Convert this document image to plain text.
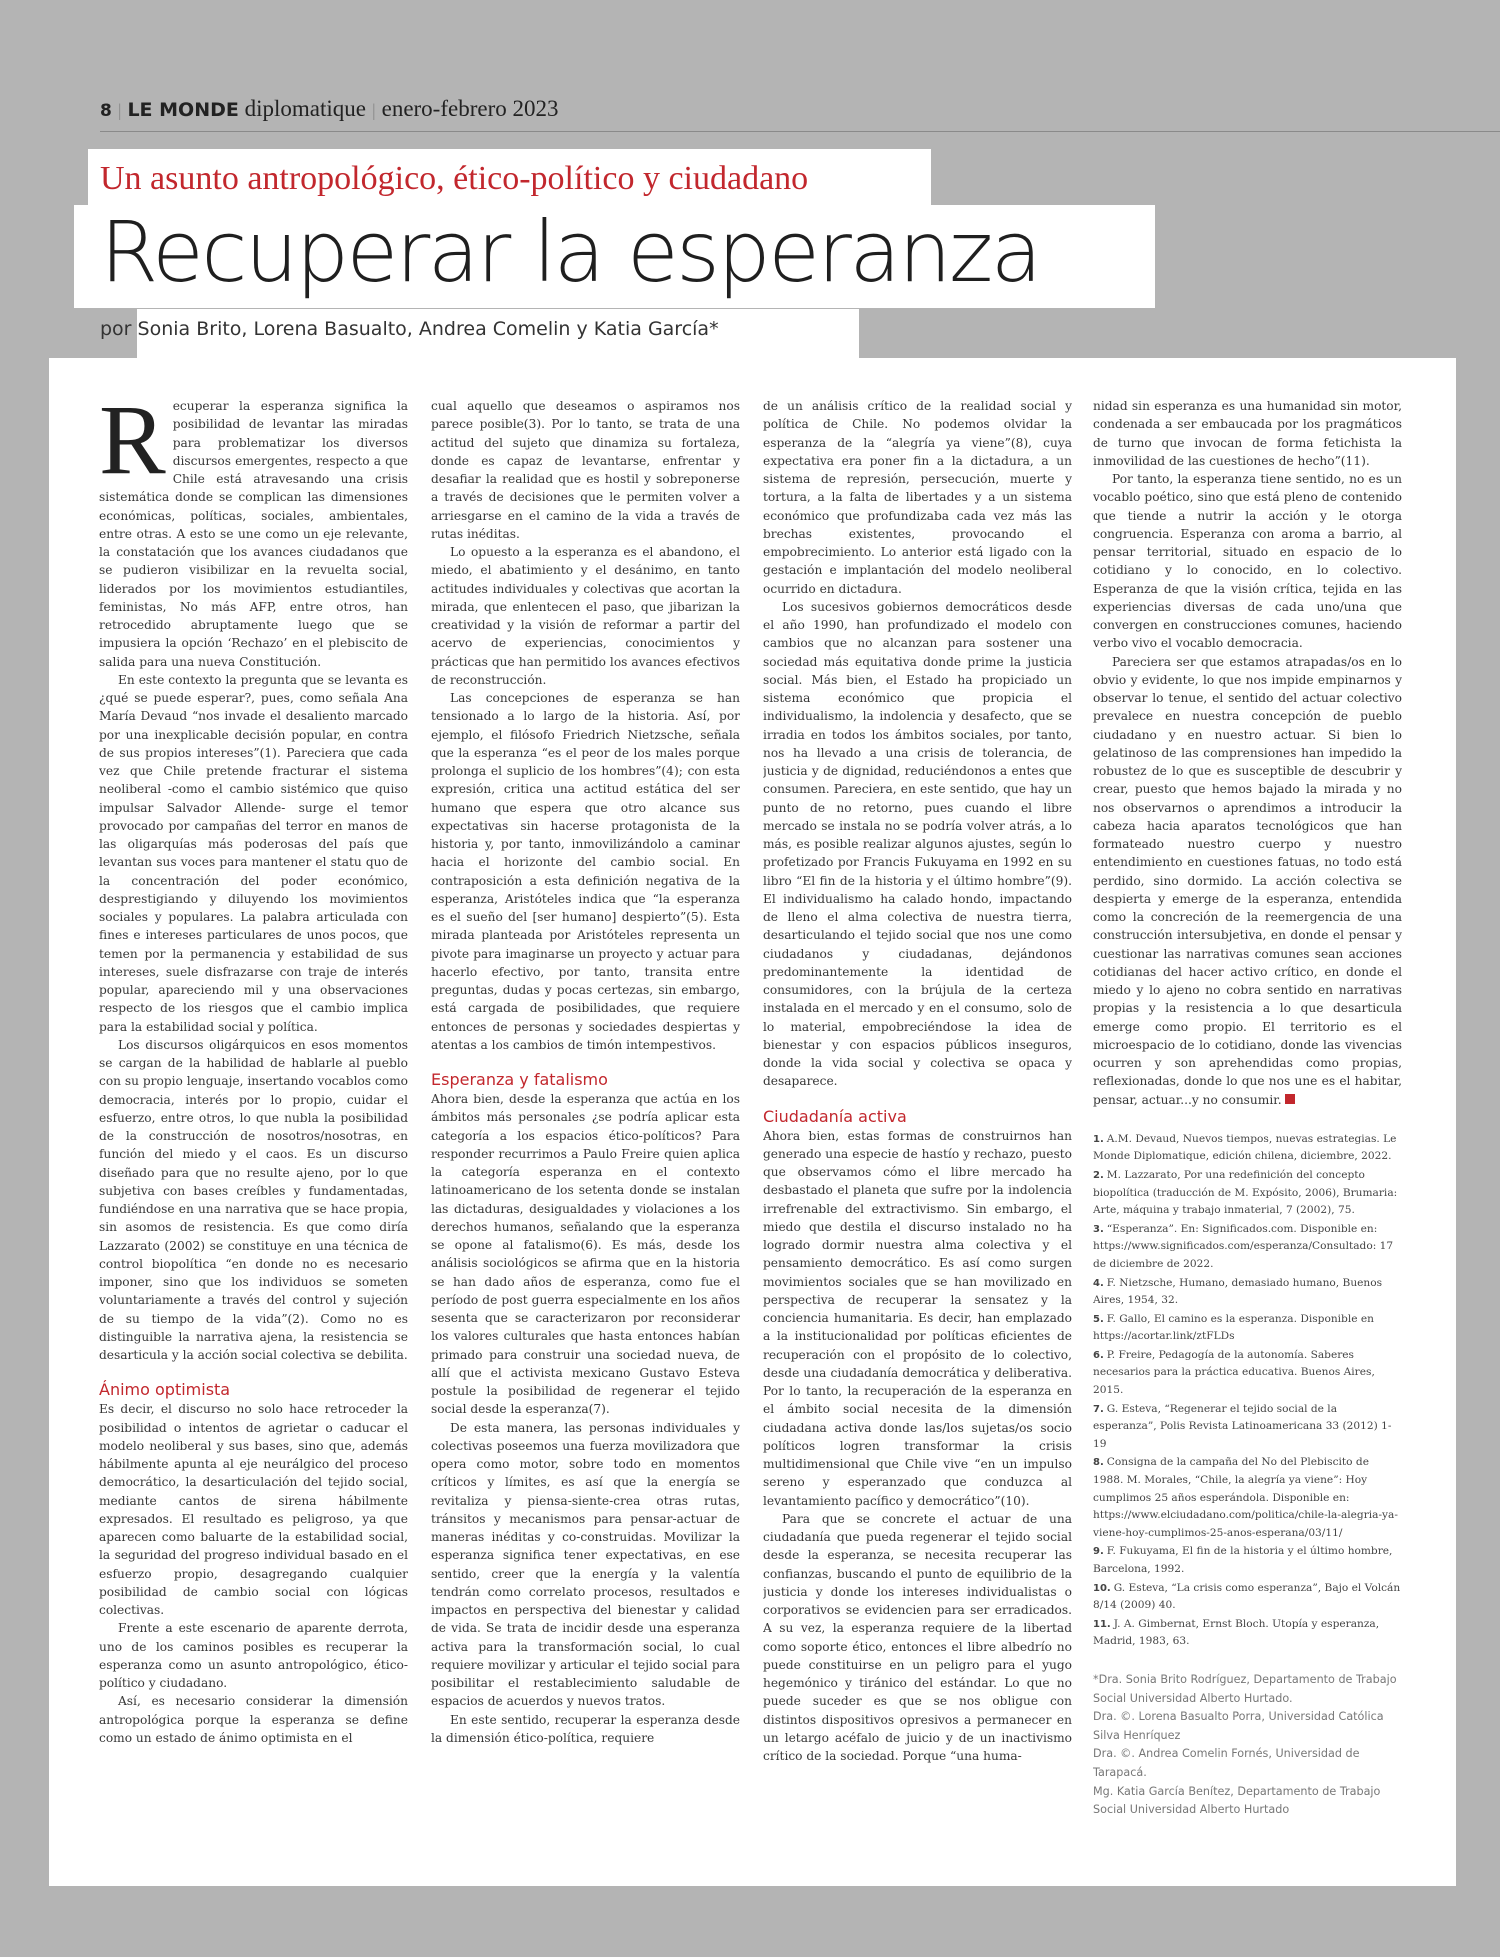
8 | LE MONDE diplomatique | enero-febrero 2023
Un asunto antropológico, ético-político y ciudadano
Recuperar la esperanza
por Sonia Brito, Lorena Basualto, Andrea Comelin y Katia García*

Recuperar la esperanza significa la posibilidad de levantar las miradas para problematizar los diversos discursos emergentes, respecto a que Chile está atravesando una crisis sistemática donde se complican las dimensiones económicas, políticas, sociales, ambientales, entre otras. A esto se une como un eje relevante, la constatación que los avances ciudadanos que se pudieron visibilizar en la revuelta social, liderados por los movimientos estudiantiles, feministas, No más AFP, entre otros, han retrocedido abruptamente luego que se impusiera la opción ‘Rechazo’ en el plebiscito de salida para una nueva Constitución.

En este contexto la pregunta que se levanta es ¿qué se puede esperar?, pues, como señala Ana María Devaud “nos invade el desaliento marcado por una inexplicable decisión popular, en contra de sus propios intereses”(1). Pareciera que cada vez que Chile pretende fracturar el sistema neoliberal -como el cambio sistémico que quiso impulsar Salvador Allende- surge el temor provocado por campañas del terror en manos de las oligarquías más poderosas del país que levantan sus voces para mantener el statu quo de la concentración del poder económico, desprestigiando y diluyendo los movimientos sociales y populares. La palabra articulada con fines e intereses particulares de unos pocos, que temen por la permanencia y estabilidad de sus intereses, suele disfrazarse con traje de interés popular, apareciendo mil y una observaciones respecto de los riesgos que el cambio implica para la estabilidad social y política.

Los discursos oligárquicos en esos momentos se cargan de la habilidad de hablarle al pueblo con su propio lenguaje, insertando vocablos como democracia, interés por lo propio, cuidar el esfuerzo, entre otros, lo que nubla la posibilidad de la construcción de nosotros/nosotras, en función del miedo y el caos. Es un discurso diseñado para que no resulte ajeno, por lo que subjetiva con bases creíbles y fundamentadas, fundiéndose en una narrativa que se hace propia, sin asomos de resistencia. Es que como diría Lazzarato (2002) se constituye en una técnica de control biopolítica “en donde no es necesario imponer, sino que los individuos se someten voluntariamente a través del control y sujeción de su tiempo de la vida”(2). Como no es distinguible la narrativa ajena, la resistencia se desarticula y la acción social colectiva se debilita.

Ánimo optimista

Es decir, el discurso no solo hace retroceder la posibilidad o intentos de agrietar o caducar el modelo neoliberal y sus bases, sino que, además hábilmente apunta al eje neurálgico del proceso democrático, la desarticulación del tejido social, mediante cantos de sirena hábilmente expresados. El resultado es peligroso, ya que aparecen como baluarte de la estabilidad social, la seguridad del progreso individual basado en el esfuerzo propio, desagregando cualquier posibilidad de cambio social con lógicas colectivas.

Frente a este escenario de aparente derrota, uno de los caminos posibles es recuperar la esperanza como un asunto antropológico, ético-político y ciudadano.

Así, es necesario considerar la dimensión antropológica porque la esperanza se define como un estado de ánimo optimista en el

cual aquello que deseamos o aspiramos nos parece posible(3). Por lo tanto, se trata de una actitud del sujeto que dinamiza su fortaleza, donde es capaz de levantarse, enfrentar y desafiar la realidad que es hostil y sobreponerse a través de decisiones que le permiten volver a arriesgarse en el camino de la vida a través de rutas inéditas.

Lo opuesto a la esperanza es el abandono, el miedo, el abatimiento y el desánimo, en tanto actitudes individuales y colectivas que acortan la mirada, que enlentecen el paso, que jibarizan la creatividad y la visión de reformar a partir del acervo de experiencias, conocimientos y prácticas que han permitido los avances efectivos de reconstrucción.

Las concepciones de esperanza se han tensionado a lo largo de la historia. Así, por ejemplo, el filósofo Friedrich Nietzsche, señala que la esperanza “es el peor de los males porque prolonga el suplicio de los hombres”(4); con esta expresión, critica una actitud estática del ser humano que espera que otro alcance sus expectativas sin hacerse protagonista de la historia y, por tanto, inmovilizándolo a caminar hacia el horizonte del cambio social. En contraposición a esta definición negativa de la esperanza, Aristóteles indica que “la esperanza es el sueño del [ser humano] despierto”(5). Esta mirada planteada por Aristóteles representa un pivote para imaginarse un proyecto y actuar para hacerlo efectivo, por tanto, transita entre preguntas, dudas y pocas certezas, sin embargo, está cargada de posibilidades, que requiere entonces de personas y sociedades despiertas y atentas a los cambios de timón intempestivos.

Esperanza y fatalismo

Ahora bien, desde la esperanza que actúa en los ámbitos más personales ¿se podría aplicar esta categoría a los espacios ético-políticos? Para responder recurrimos a Paulo Freire quien aplica la categoría esperanza en el contexto latinoamericano de los setenta donde se instalan las dictaduras, desigualdades y violaciones a los derechos humanos, señalando que la esperanza se opone al fatalismo(6). Es más, desde los análisis sociológicos se afirma que en la historia se han dado años de esperanza, como fue el período de post guerra especialmente en los años sesenta que se caracterizaron por reconsiderar los valores culturales que hasta entonces habían primado para construir una sociedad nueva, de allí que el activista mexicano Gustavo Esteva postule la posibilidad de regenerar el tejido social desde la esperanza(7).

De esta manera, las personas individuales y colectivas poseemos una fuerza movilizadora que opera como motor, sobre todo en momentos críticos y límites, es así que la energía se revitaliza y piensa-siente-crea otras rutas, tránsitos y mecanismos para pensar-actuar de maneras inéditas y co-construidas. Movilizar la esperanza significa tener expectativas, en ese sentido, creer que la energía y la valentía tendrán como correlato procesos, resultados e impactos en perspectiva del bienestar y calidad de vida. Se trata de incidir desde una esperanza activa para la transformación social, lo cual requiere movilizar y articular el tejido social para posibilitar el restablecimiento saludable de espacios de acuerdos y nuevos tratos.

En este sentido, recuperar la esperanza desde la dimensión ético-política, requiere

de un análisis crítico de la realidad social y política de Chile. No podemos olvidar la esperanza de la “alegría ya viene”(8), cuya expectativa era poner fin a la dictadura, a un sistema de represión, persecución, muerte y tortura, a la falta de libertades y a un sistema económico que profundizaba cada vez más las brechas existentes, provocando el empobrecimiento. Lo anterior está ligado con la gestación e implantación del modelo neoliberal ocurrido en dictadura.

Los sucesivos gobiernos democráticos desde el año 1990, han profundizado el modelo con cambios que no alcanzan para sostener una sociedad más equitativa donde prime la justicia social. Más bien, el Estado ha propiciado un sistema económico que propicia el individualismo, la indolencia y desafecto, que se irradia en todos los ámbitos sociales, por tanto, nos ha llevado a una crisis de tolerancia, de justicia y de dignidad, reduciéndonos a entes que consumen. Pareciera, en este sentido, que hay un punto de no retorno, pues cuando el libre mercado se instala no se podría volver atrás, a lo más, es posible realizar algunos ajustes, según lo profetizado por Francis Fukuyama en 1992 en su libro “El fin de la historia y el último hombre”(9). El individualismo ha calado hondo, impactando de lleno el alma colectiva de nuestra tierra, desarticulando el tejido social que nos une como ciudadanos y ciudadanas, dejándonos predominantemente la identidad de consumidores, con la brújula de la certeza instalada en el mercado y en el consumo, solo de lo material, empobreciéndose la idea de bienestar y con espacios públicos inseguros, donde la vida social y colectiva se opaca y desaparece.

Ciudadanía activa

Ahora bien, estas formas de construirnos han generado una especie de hastío y rechazo, puesto que observamos cómo el libre mercado ha desbastado el planeta que sufre por la indolencia irrefrenable del extractivismo. Sin embargo, el miedo que destila el discurso instalado no ha logrado dormir nuestra alma colectiva y el pensamiento democrático. Es así como surgen movimientos sociales que se han movilizado en perspectiva de recuperar la sensatez y la conciencia humanitaria. Es decir, han emplazado a la institucionalidad por políticas eficientes de recuperación con el propósito de lo colectivo, desde una ciudadanía democrática y deliberativa. Por lo tanto, la recuperación de la esperanza en el ámbito social necesita de la dimensión ciudadana activa donde las/los sujetas/os socio políticos logren transformar la crisis multidimensional que Chile vive “en un impulso sereno y esperanzado que conduzca al levantamiento pacífico y democrático”(10).

Para que se concrete el actuar de una ciudadanía que pueda regenerar el tejido social desde la esperanza, se necesita recuperar las confianzas, buscando el punto de equilibrio de la justicia y donde los intereses individualistas o corporativos se evidencien para ser erradicados. A su vez, la esperanza requiere de la libertad como soporte ético, entonces el libre albedrío no puede constituirse en un peligro para el yugo hegemónico y tiránico del estándar. Lo que no puede suceder es que se nos obligue con distintos dispositivos opresivos a permanecer en un letargo acéfalo de juicio y de un inactivismo crítico de la sociedad. Porque “una huma-

nidad sin esperanza es una humanidad sin motor, condenada a ser embaucada por los pragmáticos de turno que invocan de forma fetichista la inmovilidad de las cuestiones de hecho”(11).

Por tanto, la esperanza tiene sentido, no es un vocablo poético, sino que está pleno de contenido que tiende a nutrir la acción y le otorga congruencia. Esperanza con aroma a barrio, al pensar territorial, situado en espacio de lo cotidiano y lo conocido, en lo colectivo. Esperanza de que la visión crítica, tejida en las experiencias diversas de cada uno/una que convergen en construcciones comunes, haciendo verbo vivo el vocablo democracia.

Pareciera ser que estamos atrapadas/os en lo obvio y evidente, lo que nos impide empinarnos y observar lo tenue, el sentido del actuar colectivo prevalece en nuestra concepción de pueblo ciudadano y en nuestro actuar. Si bien lo gelatinoso de las comprensiones han impedido la robustez de lo que es susceptible de descubrir y crear, puesto que hemos bajado la mirada y no nos observarnos o aprendimos a introducir la cabeza hacia aparatos tecnológicos que han formateado nuestro cuerpo y nuestro entendimiento en cuestiones fatuas, no todo está perdido, sino dormido. La acción colectiva se despierta y emerge de la esperanza, entendida como la concreción de la reemergencia de una construcción intersubjetiva, en donde el pensar y cuestionar las narrativas comunes sean acciones cotidianas del hacer activo crítico, en donde el miedo y lo ajeno no cobra sentido en narrativas propias y la resistencia a lo que desarticula emerge como propio. El territorio es el microespacio de lo cotidiano, donde las vivencias ocurren y son aprehendidas como propias, reflexionadas, donde lo que nos une es el habitar, pensar, actuar...y no consumir.

1. A.M. Devaud, Nuevos tiempos, nuevas estrategias. Le Monde Diplomatique, edición chilena, diciembre, 2022.
2. M. Lazzarato, Por una redefinición del concepto biopolítica (traducción de M. Expósito, 2006), Brumaria: Arte, máquina y trabajo inmaterial, 7 (2002), 75.
3. “Esperanza”. En: Significados.com. Disponible en: https://www.significados.com/esperanza/Consultado: 17 de diciembre de 2022.
4. F. Nietzsche, Humano, demasiado humano, Buenos Aires, 1954, 32.
5. F. Gallo, El camino es la esperanza. Disponible en https://acortar.link/ztFLDs
6. P. Freire, Pedagogía de la autonomía. Saberes necesarios para la práctica educativa. Buenos Aires, 2015.
7. G. Esteva, “Regenerar el tejido social de la esperanza”, Polis Revista Latinoamericana 33 (2012) 1-19
8. Consigna de la campaña del No del Plebiscito de 1988. M. Morales, “Chile, la alegría ya viene”: Hoy cumplimos 25 años esperándola. Disponible en: https://www.elciudadano.com/politica/chile-la-alegria-ya-viene-hoy-cumplimos-25-anos-esperana/03/11/
9. F. Fukuyama, El fin de la historia y el último hombre, Barcelona, 1992.
10. G. Esteva, “La crisis como esperanza”, Bajo el Volcán 8/14 (2009) 40.
11. J. A. Gimbernat, Ernst Bloch. Utopía y esperanza, Madrid, 1983, 63.
*Dra. Sonia Brito Rodríguez, Departamento de Trabajo Social Universidad Alberto Hurtado.
Dra. ©. Lorena Basualto Porra, Universidad Católica Silva Henríquez
Dra. ©. Andrea Comelin Fornés, Universidad de Tarapacá.
Mg. Katia García Benítez, Departamento de Trabajo Social Universidad Alberto Hurtado
